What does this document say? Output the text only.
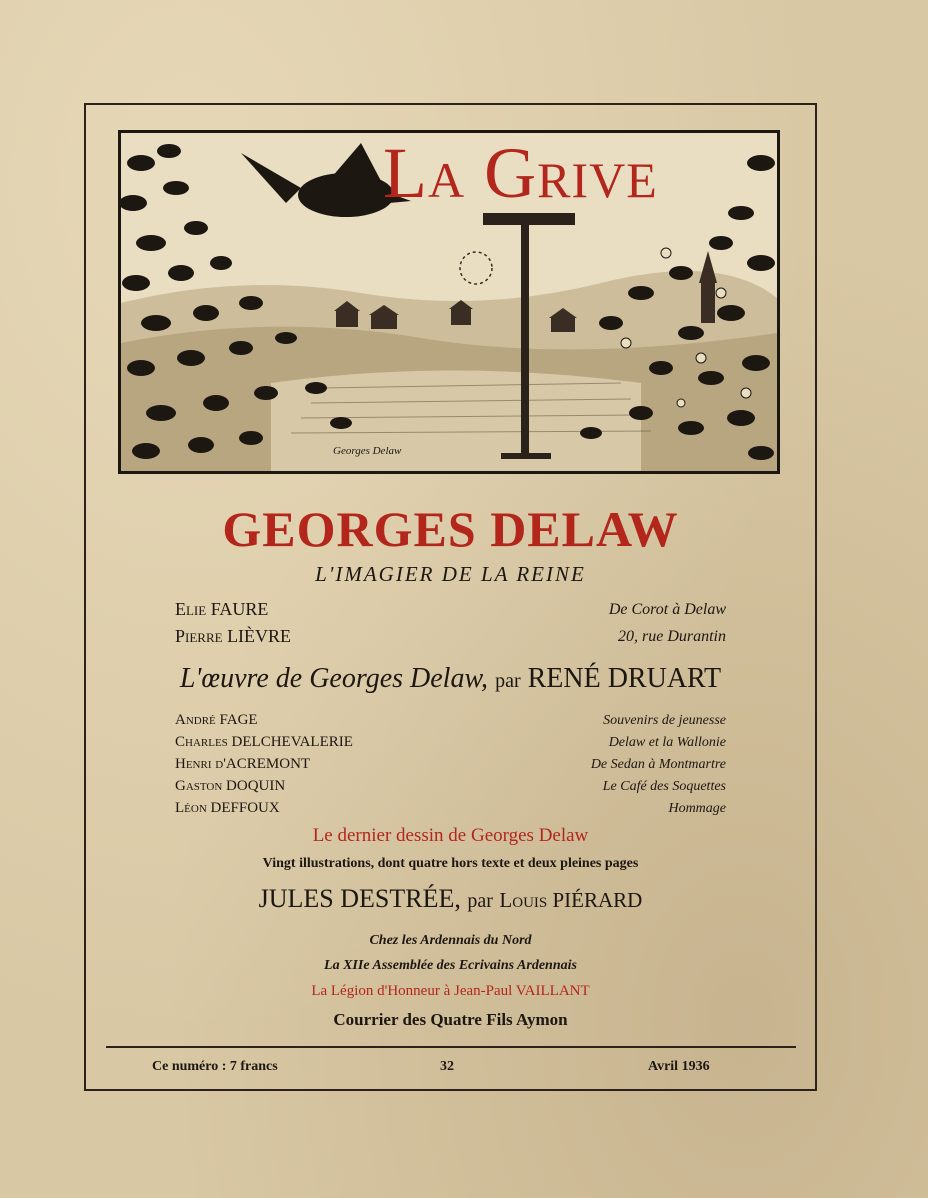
La Grive
Georges Delaw
GEORGES DELAW
L'IMAGIER DE LA REINE
Elie FAURE	De Corot à Delaw
Pierre LIÈVRE	20, rue Durantin
L'œuvre de Georges Delaw, par RENÉ DRUART
André FAGE	Souvenirs de jeunesse
Charles DELCHEVALERIE	Delaw et la Wallonie
Henri d'ACREMONT	De Sedan à Montmartre
Gaston DOQUIN	Le Café des Soquettes
Léon DEFFOUX	Hommage
Le dernier dessin de Georges Delaw
Vingt illustrations, dont quatre hors texte et deux pleines pages
JULES DESTRÉE, par Louis PIÉRARD
Chez les Ardennais du Nord
La XIIe Assemblée des Ecrivains Ardennais
La Légion d'Honneur à Jean-Paul VAILLANT
Courrier des Quatre Fils Aymon
Ce numéro : 7 francs	32	Avril 1936
